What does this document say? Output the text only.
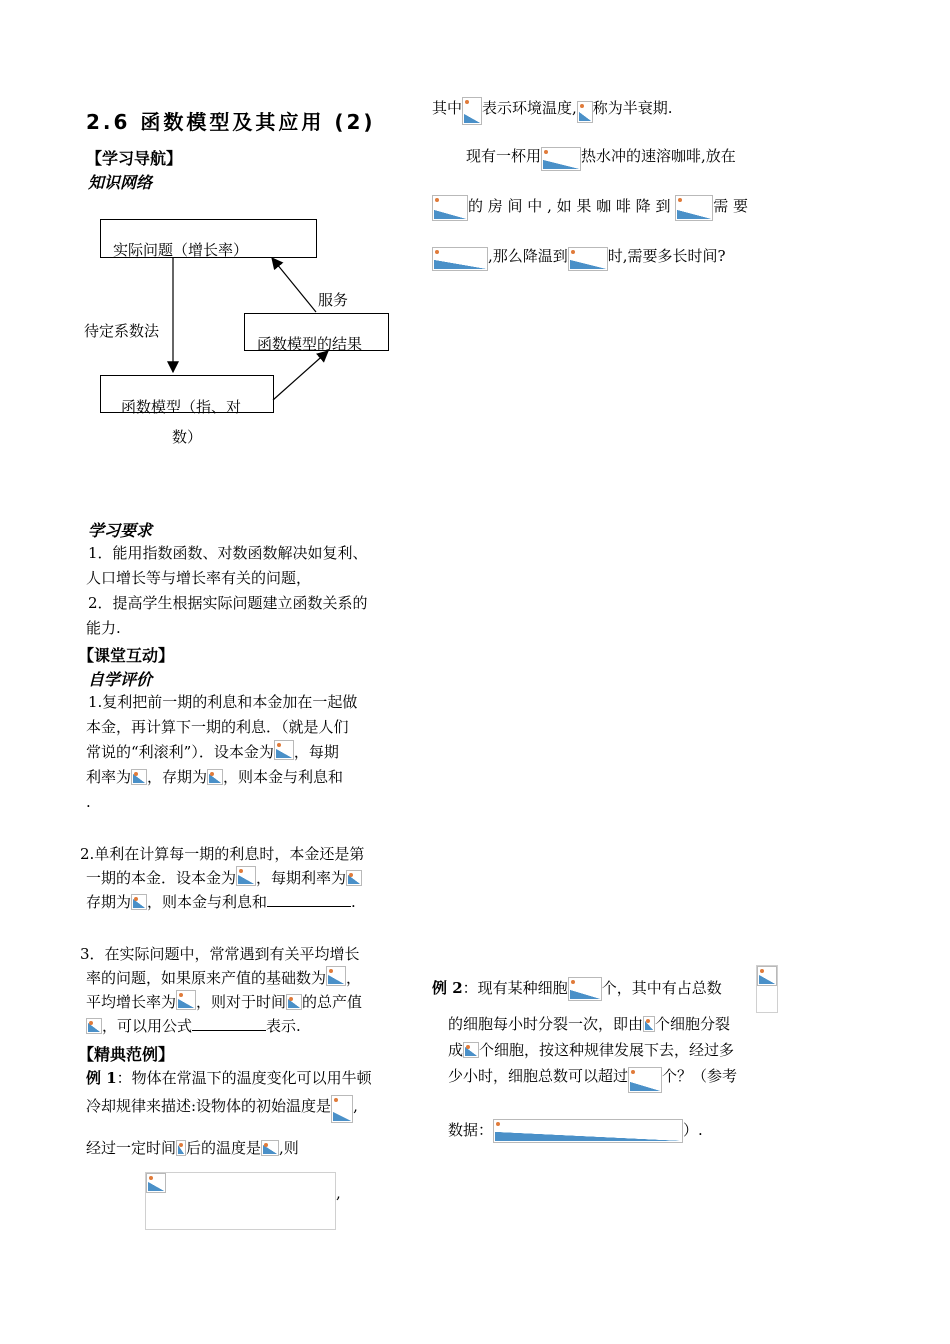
2.6 函数模型及其应用 (2)
【学习导航】
知识网络
实际问题（增长率）
函数模型的结果
函数模型（指、对
数）
待定系数法
服务
学习要求
1．能用指数函数、对数函数解决如复利、
人口增长等与增长率有关的问题，
2．提高学生根据实际问题建立函数关系的
能力.
【课堂互动】
自学评价
1.复利把前一期的利息和本金加在一起做
本金，再计算下一期的利息．（就是人们
常说的“利滚利”）．设本金为 ，每期
利率为 ，存期为 ，则本金与利息和
.
2.单利在计算每一期的利息时，本金还是第
一期的本金．设本金为 ，每期利率为
存期为 ，则本金与利息和	.
3．在实际问题中，常常遇到有关平均增长
率的问题，如果原来产值的基础数为 ，
平均增长率为 ，则对于时间 的总产值
，可以用公式	表示.
【精典范例】
例 1：物体在常温下的温度变化可以用牛顿
冷却规律来描述:设物体的初始温度是 ,
经过一定时间 后的温度是 ,则
,
其中 表示环境温度, 称为半衰期.
现有一杯用	热水冲的速溶咖啡,放在
的 房 间 中 , 如 果 咖 啡 降 到	需 要
,那么降温到	时,需要多长时间?
例 2：现有某种细胞 个，其中有占总数
的细胞每小时分裂一次，即由 个细胞分裂
成 个细胞，按这种规律发展下去，经过多
少小时，细胞总数可以超过 个？（参考
数据：	）.
